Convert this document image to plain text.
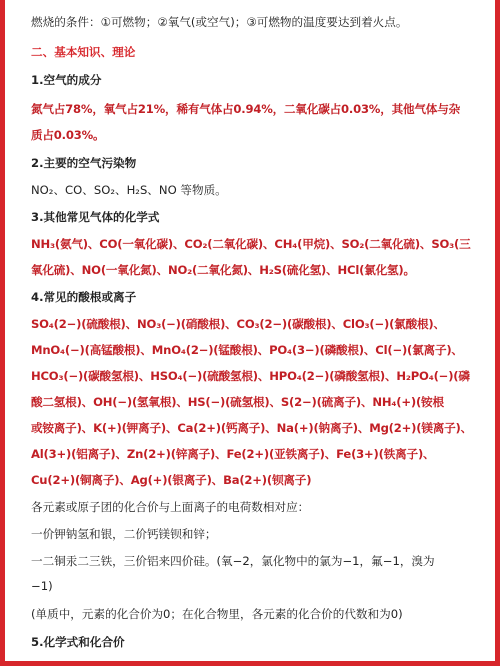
燃烧的条件：①可燃物；②氧气(或空气)；③可燃物的温度要达到着火点。
二、基本知识、理论
1.空气的成分
氮气占78%，氧气占21%，稀有气体占0.94%，二氧化碳占0.03%，其他气体与杂
质占0.03%。
2.主要的空气污染物
NO₂、CO、SO₂、H₂S、NO 等物质。
3.其他常见气体的化学式
NH₃(氨气)、CO(一氧化碳)、CO₂(二氧化碳)、CH₄(甲烷)、SO₂(二氧化硫)、SO₃(三
氧化硫)、NO(一氧化氮)、NO₂(二氧化氮)、H₂S(硫化氢)、HCl(氯化氢)。
4.常见的酸根或离子
SO₄(2−)(硫酸根)、NO₃(−)(硝酸根)、CO₃(2−)(碳酸根)、ClO₃(−)(氯酸根)、
MnO₄(−)(高锰酸根)、MnO₄(2−)(锰酸根)、PO₄(3−)(磷酸根)、Cl(−)(氯离子)、
HCO₃(−)(碳酸氢根)、HSO₄(−)(硫酸氢根)、HPO₄(2−)(磷酸氢根)、H₂PO₄(−)(磷
酸二氢根)、OH(−)(氢氧根)、HS(−)(硫氢根)、S(2−)(硫离子)、NH₄(+)(铵根
或铵离子)、K(+)(钾离子)、Ca(2+)(钙离子)、Na(+)(钠离子)、Mg(2+)(镁离子)、
Al(3+)(铝离子)、Zn(2+)(锌离子)、Fe(2+)(亚铁离子)、Fe(3+)(铁离子)、
Cu(2+)(铜离子)、Ag(+)(银离子)、Ba(2+)(钡离子)
各元素或原子团的化合价与上面离子的电荷数相对应：
一价钾钠氢和银，二价钙镁钡和锌；
一二铜汞二三铁，三价铝来四价硅。(氧−2，氯化物中的氯为−1，氟−1，溴为
−1)
(单质中，元素的化合价为0；在化合物里，各元素的化合价的代数和为0)
5.化学式和化合价
